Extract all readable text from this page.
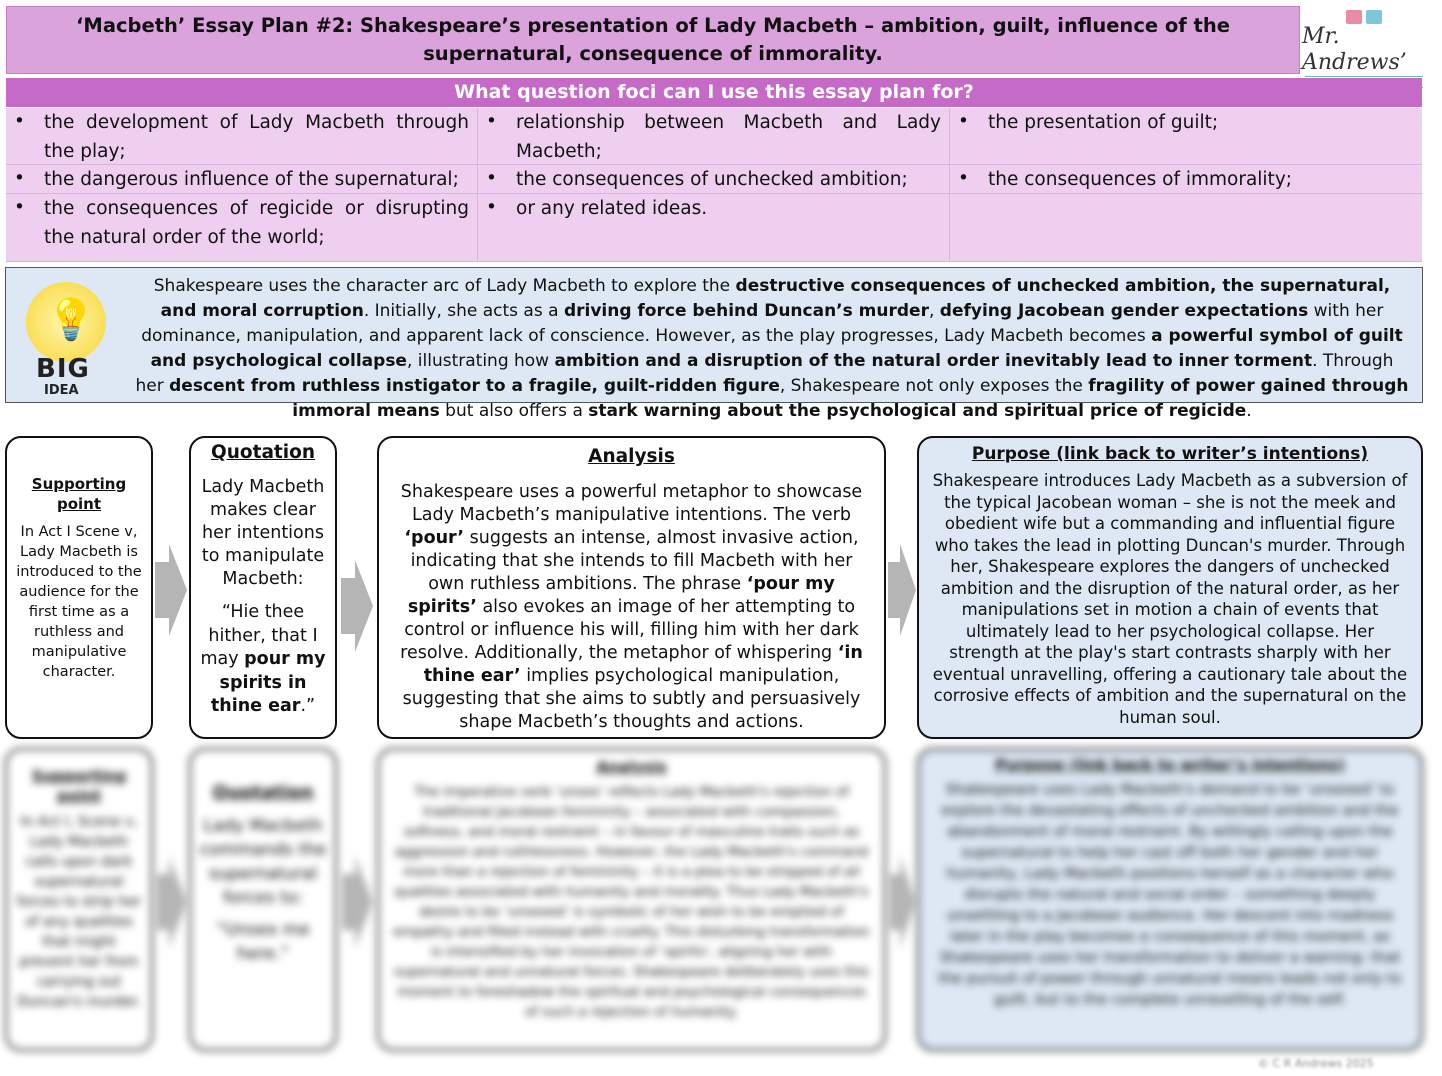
‘Macbeth’ Essay Plan #2: Shakespeare’s presentation of Lady Macbeth – ambition, guilt, influence of the
supernatural, consequence of immorality.
Mr. Andrews’
What question foci can I use this essay plan for?
• the development of Lady Macbeth through the play;
• relationship between Macbeth and Lady Macbeth;
• the presentation of guilt;
• the dangerous influence of the supernatural;	• the consequences of unchecked ambition;	• the consequences of immorality;
• the consequences of regicide or disrupting the natural order of the world;
• or any related ideas.
💡
BIG
IDEA
Shakespeare uses the character arc of Lady Macbeth to explore the destructive consequences of unchecked ambition, the supernatural, and moral corruption. Initially, she acts as a driving force behind Duncan’s murder, defying Jacobean gender expectations with her dominance, manipulation, and apparent lack of conscience. However, as the play progresses, Lady Macbeth becomes a powerful symbol of guilt and psychological collapse, illustrating how ambition and a disruption of the natural order inevitably lead to inner torment. Through her descent from ruthless instigator to a fragile, guilt-ridden figure, Shakespeare not only exposes the fragility of power gained through immoral means but also offers a stark warning about the psychological and spiritual price of regicide.
Supporting point
In Act I Scene v, Lady Macbeth is introduced to the audience for the first time as a ruthless and manipulative character.
Quotation
Lady Macbeth makes clear her intentions to manipulate Macbeth:
“Hie thee hither, that I may pour my spirits in thine ear.”
Analysis
Shakespeare uses a powerful metaphor to showcase Lady Macbeth’s manipulative intentions. The verb ‘pour’ suggests an intense, almost invasive action, indicating that she intends to fill Macbeth with her own ruthless ambitions. The phrase ‘pour my spirits’ also evokes an image of her attempting to control or influence his will, filling him with her dark resolve. Additionally, the metaphor of whispering ‘in thine ear’ implies psychological manipulation, suggesting that she aims to subtly and persuasively shape Macbeth’s thoughts and actions.
Purpose (link back to writer’s intentions)
Shakespeare introduces Lady Macbeth as a subversion of the typical Jacobean woman – she is not the meek and obedient wife but a commanding and influential figure who takes the lead in plotting Duncan's murder. Through her, Shakespeare explores the dangers of unchecked ambition and the disruption of the natural order, as her manipulations set in motion a chain of events that ultimately lead to her psychological collapse. Her strength at the play's start contrasts sharply with her eventual unravelling, offering a cautionary tale about the corrosive effects of ambition and the supernatural on the human soul.
Supporting point
In Act I, Scene v, Lady Macbeth calls upon dark supernatural forces to strip her of any qualities that might prevent her from carrying out Duncan's murder.
Quotation
Lady Macbeth commands the supernatural forces to:
“Unsex me here.”
Analysis
The imperative verb ‘unsex’ reflects Lady Macbeth's rejection of traditional Jacobean femininity – associated with compassion, softness, and moral restraint – in favour of masculine traits such as aggression and ruthlessness. However, the Lady Macbeth's command more than a rejection of femininity – it is a plea to be stripped of all qualities associated with humanity and morality. Thus Lady Macbeth's desire to be ‘unsexed’ is symbolic of her wish to be emptied of empathy and filled instead with cruelty. This disturbing transformation is intensified by her invocation of ‘spirits’, aligning her with supernatural and unnatural forces. Shakespeare deliberately uses this moment to foreshadow the spiritual and psychological consequences of such a rejection of humanity.
Purpose (link back to writer’s intentions)
Shakespeare uses Lady Macbeth's demand to be ‘unsexed’ to explore the devastating effects of unchecked ambition and the abandonment of moral restraint. By willingly calling upon the supernatural to help her cast off both her gender and her humanity, Lady Macbeth positions herself as a character who disrupts the natural and social order – something deeply unsettling to a Jacobean audience. Her descent into madness later in the play becomes a consequence of this moment, as Shakespeare uses her transformation to deliver a warning: that the pursuit of power through unnatural means leads not only to guilt, but to the complete unravelling of the self.
© C R Andrews 2025
